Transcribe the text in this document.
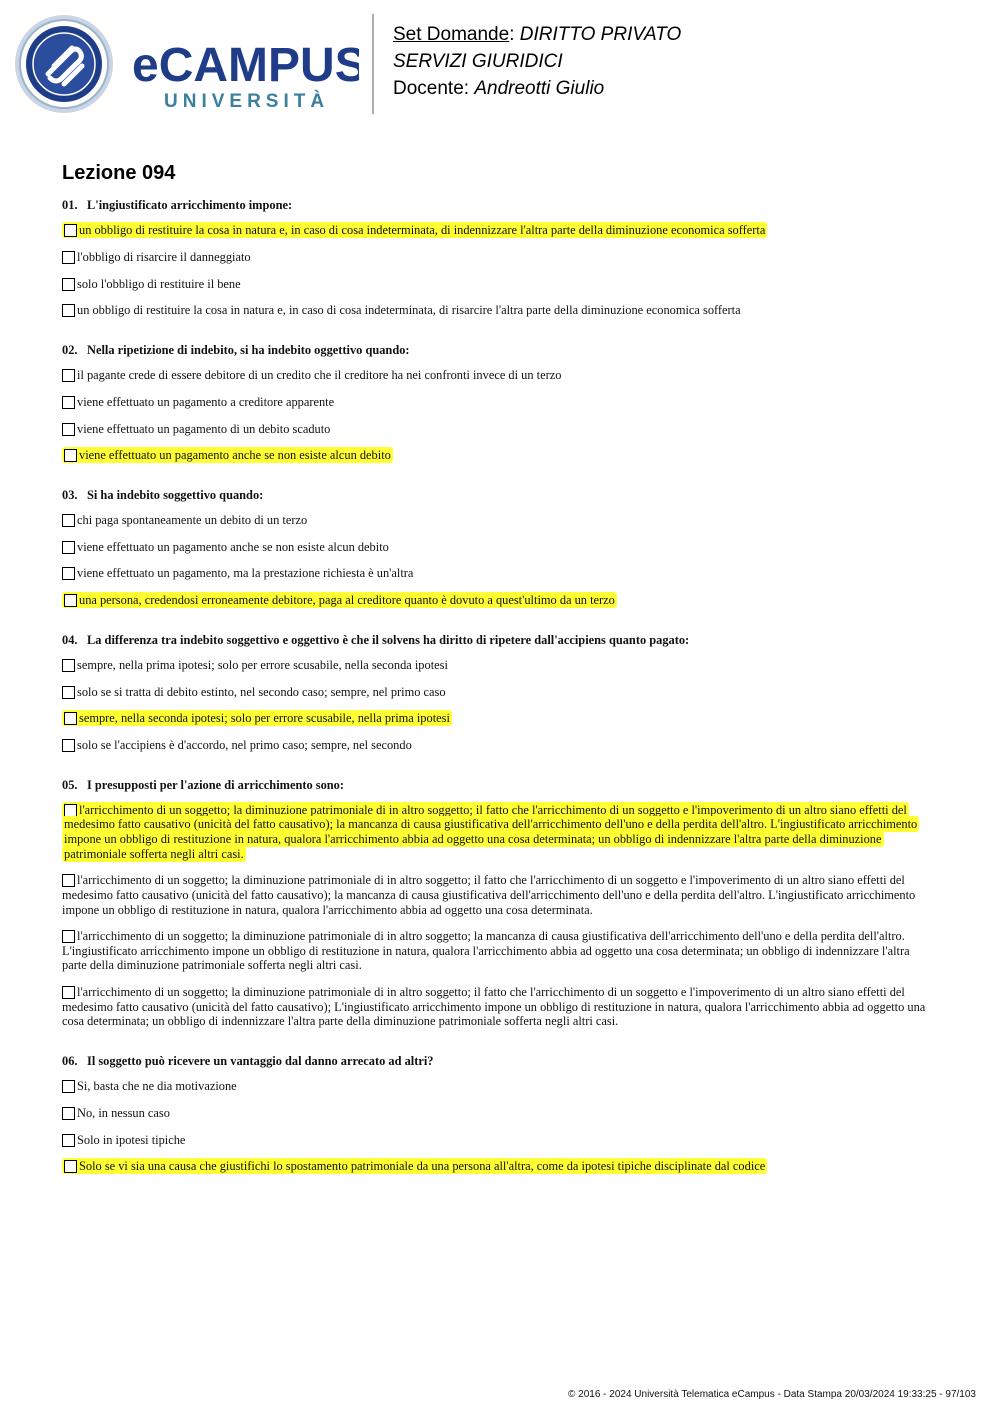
eCAMPUS
UNIVERSITÀ
Set Domande: DIRITTO PRIVATO
SERVIZI GIURIDICI
Docente: Andreotti Giulio
Lezione 094
01. L'ingiustificato arricchimento impone:
un obbligo di restituire la cosa in natura e, in caso di cosa indeterminata, di indennizzare l'altra parte della diminuzione economica sofferta
l'obbligo di risarcire il danneggiato
solo l'obbligo di restituire il bene
un obbligo di restituire la cosa in natura e, in caso di cosa indeterminata, di risarcire l'altra parte della diminuzione economica sofferta
02. Nella ripetizione di indebito, si ha indebito oggettivo quando:
il pagante crede di essere debitore di un credito che il creditore ha nei confronti invece di un terzo
viene effettuato un pagamento a creditore apparente
viene effettuato un pagamento di un debito scaduto
viene effettuato un pagamento anche se non esiste alcun debito
03. Si ha indebito soggettivo quando:
chi paga spontaneamente un debito di un terzo
viene effettuato un pagamento anche se non esiste alcun debito
viene effettuato un pagamento, ma la prestazione richiesta è un'altra
una persona, credendosi erroneamente debitore, paga al creditore quanto è dovuto a quest'ultimo da un terzo
04. La differenza tra indebito soggettivo e oggettivo è che il solvens ha diritto di ripetere dall'accipiens quanto pagato:
sempre, nella prima ipotesi; solo per errore scusabile, nella seconda ipotesi
solo se si tratta di debito estinto, nel secondo caso; sempre, nel primo caso
sempre, nella seconda ipotesi; solo per errore scusabile, nella prima ipotesi
solo se l'accipiens è d'accordo, nel primo caso; sempre, nel secondo
05. I presupposti per l'azione di arricchimento sono:
l'arricchimento di un soggetto; la diminuzione patrimoniale di in altro soggetto; il fatto che l'arricchimento di un soggetto e l'impoverimento di un altro siano effetti del medesimo fatto causativo (unicità del fatto causativo); la mancanza di causa giustificativa dell'arricchimento dell'uno e della perdita dell'altro. L'ingiustificato arricchimento impone un obbligo di restituzione in natura, qualora l'arricchimento abbia ad oggetto una cosa determinata; un obbligo di indennizzare l'altra parte della diminuzione patrimoniale sofferta negli altri casi.
l'arricchimento di un soggetto; la diminuzione patrimoniale di in altro soggetto; il fatto che l'arricchimento di un soggetto e l'impoverimento di un altro siano effetti del medesimo fatto causativo (unicità del fatto causativo); la mancanza di causa giustificativa dell'arricchimento dell'uno e della perdita dell'altro. L'ingiustificato arricchimento impone un obbligo di restituzione in natura, qualora l'arricchimento abbia ad oggetto una cosa determinata.
l'arricchimento di un soggetto; la diminuzione patrimoniale di in altro soggetto; la mancanza di causa giustificativa dell'arricchimento dell'uno e della perdita dell'altro. L'ingiustificato arricchimento impone un obbligo di restituzione in natura, qualora l'arricchimento abbia ad oggetto una cosa determinata; un obbligo di indennizzare l'altra parte della diminuzione patrimoniale sofferta negli altri casi.
l'arricchimento di un soggetto; la diminuzione patrimoniale di in altro soggetto; il fatto che l'arricchimento di un soggetto e l'impoverimento di un altro siano effetti del medesimo fatto causativo (unicità del fatto causativo); L'ingiustificato arricchimento impone un obbligo di restituzione in natura, qualora l'arricchimento abbia ad oggetto una cosa determinata; un obbligo di indennizzare l'altra parte della diminuzione patrimoniale sofferta negli altri casi.
06. Il soggetto può ricevere un vantaggio dal danno arrecato ad altri?
Si, basta che ne dia motivazione
No, in nessun caso
Solo in ipotesi tipiche
Solo se vi sia una causa che giustifichi lo spostamento patrimoniale da una persona all'altra, come da ipotesi tipiche disciplinate dal codice
© 2016 - 2024 Università Telematica eCampus - Data Stampa 20/03/2024 19:33:25 - 97/103
